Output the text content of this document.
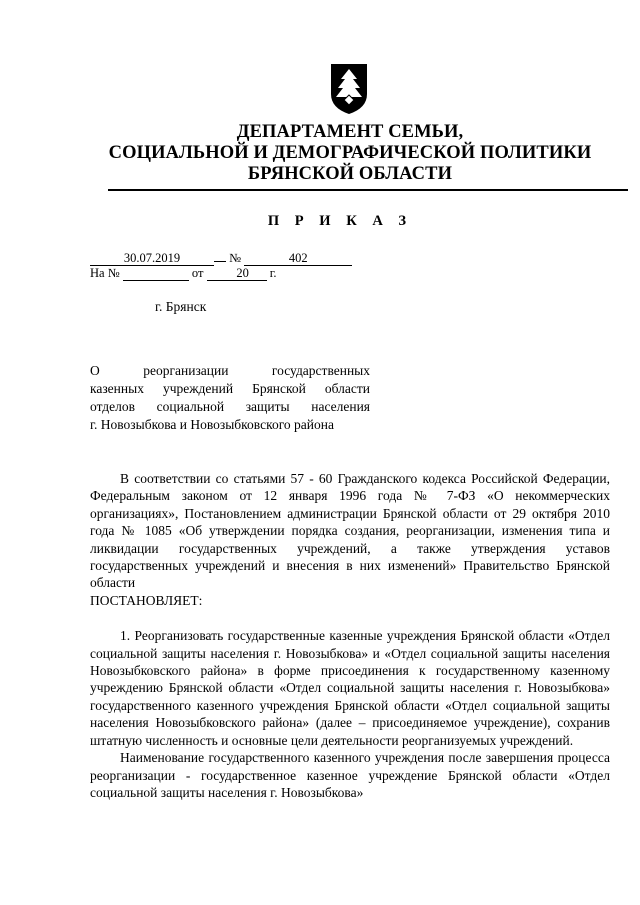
ДЕПАРТАМЕНТ СЕМЬИ,
СОЦИАЛЬНОЙ И ДЕМОГРАФИЧЕСКОЙ ПОЛИТИКИ
БРЯНСКОЙ ОБЛАСТИ
П Р И К А З
30.07.2019	№	402
На №	от	20 г.
г. Брянск

О реорганизации государственных

казенных учреждений Брянской области

отделов социальной защиты населения

г. Новозыбкова и Новозыбковского района

В соответствии со статьями 57 - 60 Гражданского кодекса Российской Федерации, Федеральным законом от 12 января 1996 года № 7-ФЗ «О некоммерческих организациях», Постановлением администрации Брянской области от 29 октября 2010 года № 1085 «Об утверждении порядка создания, реорганизации, изменения типа и ликвидации государственных учреждений, а также утверждения уставов государственных учреждений и внесения в них изменений» Правительство Брянской области

ПОСТАНОВЛЯЕТ:

1. Реорганизовать государственные казенные учреждения Брянской области «Отдел социальной защиты населения г. Новозыбкова» и «Отдел социальной защиты населения Новозыбковского района» в форме присоединения к государственному казенному учреждению Брянской области «Отдел социальной защиты населения г. Новозыбкова» государственного казенного учреждения Брянской области «Отдел социальной защиты населения Новозыбковского района» (далее – присоединяемое учреждение), сохранив штатную численность и основные цели деятельности реорганизуемых учреждений.

Наименование государственного казенного учреждения после завершения процесса реорганизации - государственное казенное учреждение Брянской области «Отдел социальной защиты населения г. Новозыбкова»
